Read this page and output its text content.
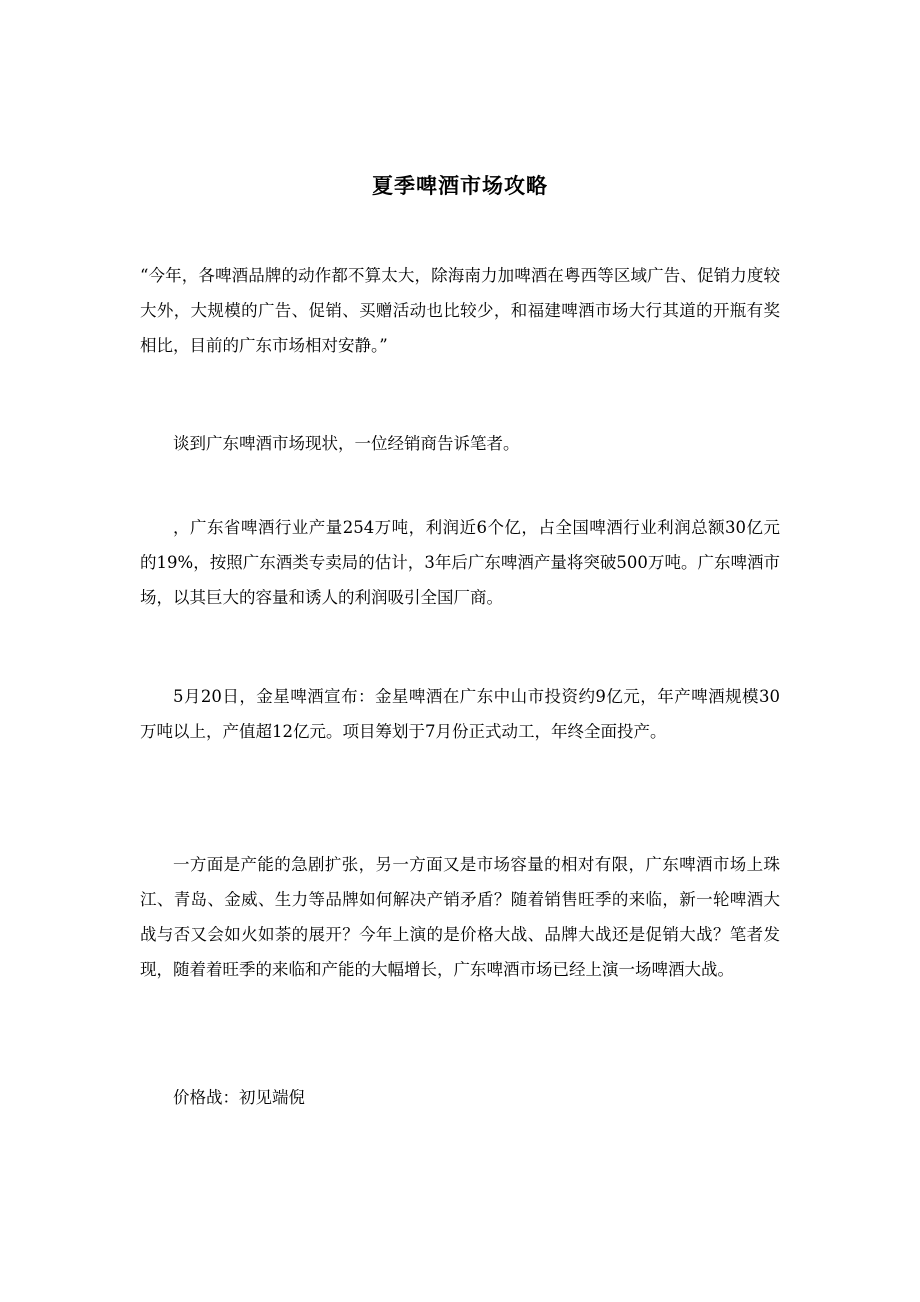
夏季啤酒市场攻略

“今年，各啤酒品牌的动作都不算太大，除海南力加啤酒在粤西等区域广告、促销力度较大外，大规模的广告、促销、买赠活动也比较少，和福建啤酒市场大行其道的开瓶有奖相比，目前的广东市场相对安静。”

谈到广东啤酒市场现状，一位经销商告诉笔者。

，广东省啤酒行业产量254万吨，利润近6个亿，占全国啤酒行业利润总额30亿元的19%，按照广东酒类专卖局的估计，3年后广东啤酒产量将突破500万吨。广东啤酒市场，以其巨大的容量和诱人的利润吸引全国厂商。

5月20日，金星啤酒宣布：金星啤酒在广东中山市投资约9亿元，年产啤酒规模30万吨以上，产值超12亿元。项目筹划于7月份正式动工，年终全面投产。

一方面是产能的急剧扩张，另一方面又是市场容量的相对有限，广东啤酒市场上珠江、青岛、金威、生力等品牌如何解决产销矛盾？随着销售旺季的来临，新一轮啤酒大战与否又会如火如荼的展开？今年上演的是价格大战、品牌大战还是促销大战？笔者发现，随着着旺季的来临和产能的大幅增长，广东啤酒市场已经上演一场啤酒大战。

价格战：初见端倪
